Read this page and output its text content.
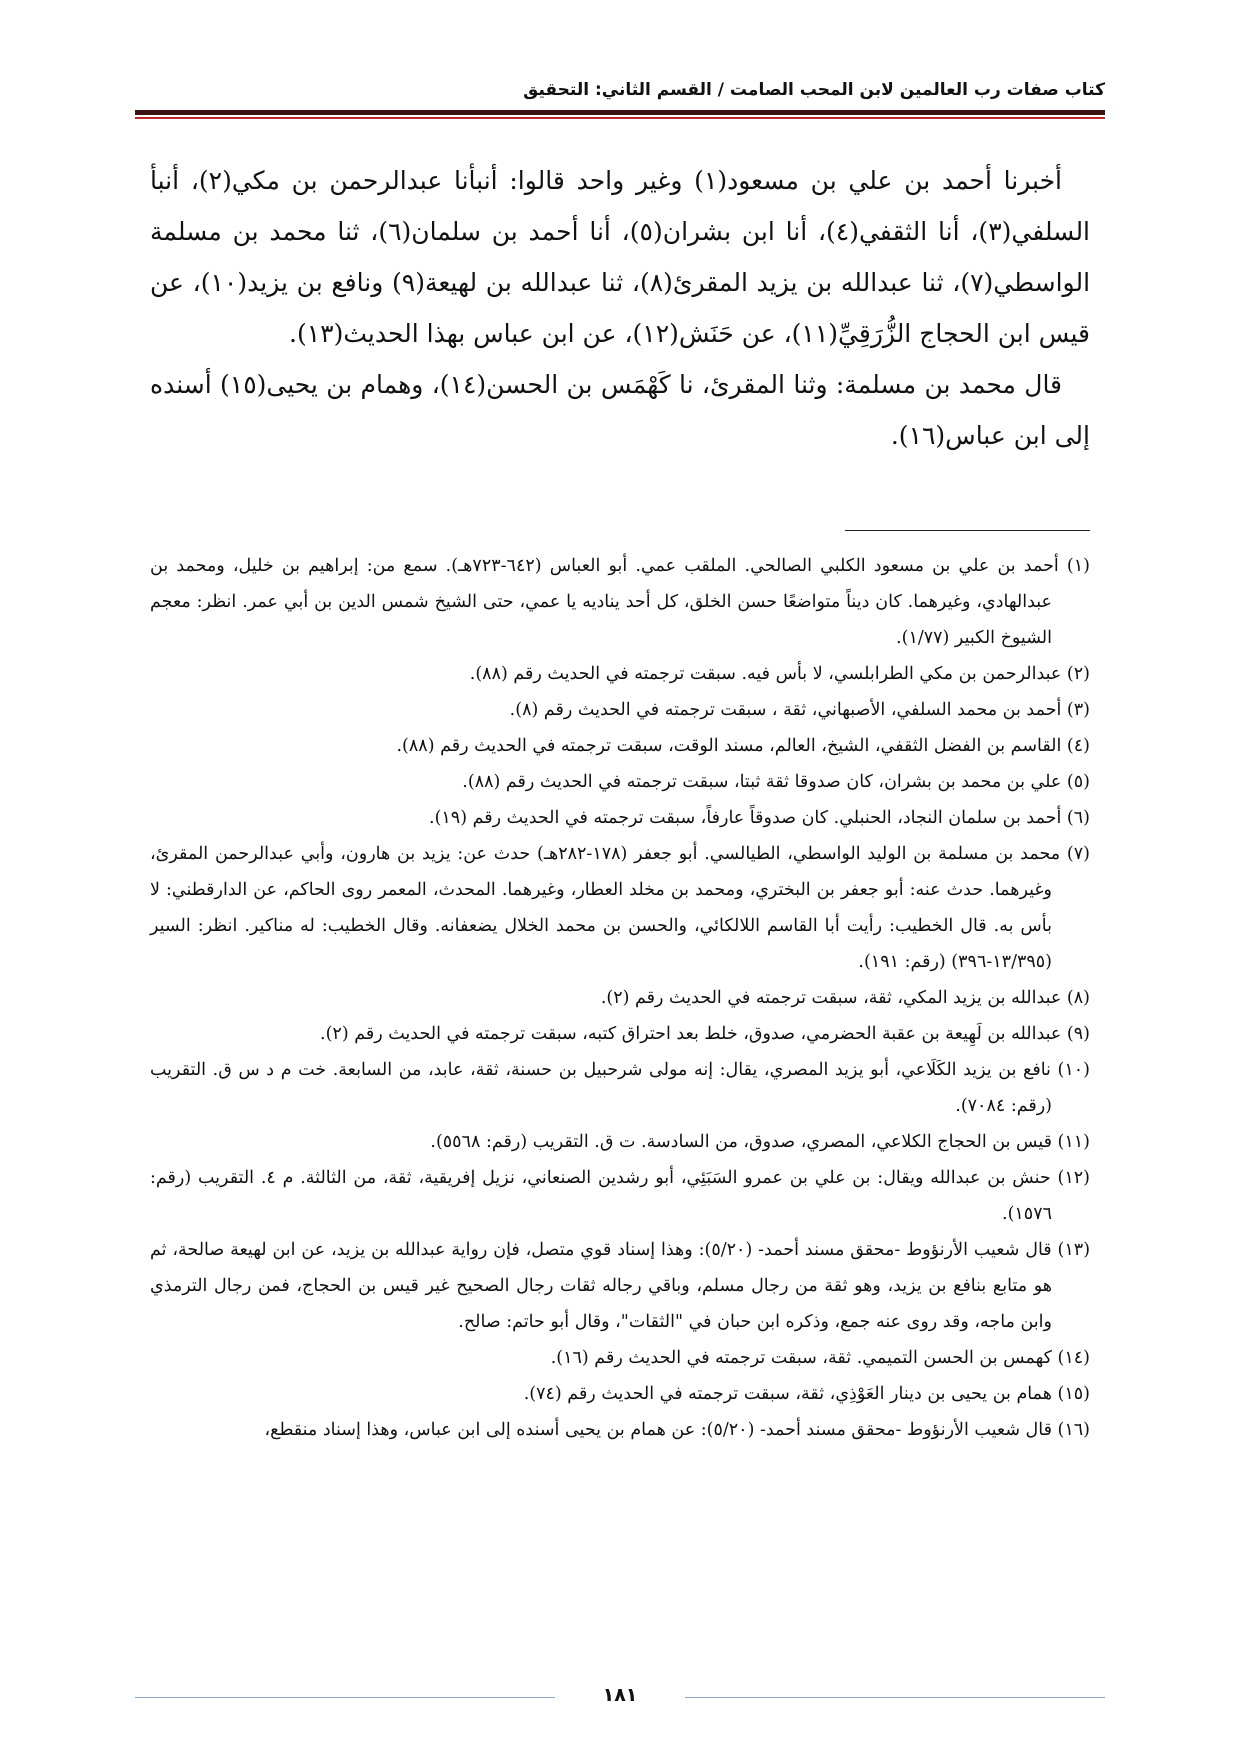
كتاب صفات رب العالمين لابن المحب الصامت / القسم الثاني: التحقيق

أخبرنا أحمد بن علي بن مسعود(١) وغير واحد قالوا: أنبأنا عبدالرحمن بن مكي(٢)، أنبأ السلفي(٣)، أنا الثقفي(٤)، أنا ابن بشران(٥)، أنا أحمد بن سلمان(٦)، ثنا محمد بن مسلمة الواسطي(٧)، ثنا عبدالله بن يزيد المقرئ(٨)، ثنا عبدالله بن لهيعة(٩) ونافع بن يزيد(١٠)، عن قيس ابن الحجاج الزُّرَقِيِّ(١١)، عن حَنَش(١٢)، عن ابن عباس بهذا الحديث(١٣).

قال محمد بن مسلمة: وثنا المقرئ، نا كَهْمَس بن الحسن(١٤)، وهمام بن يحيى(١٥) أسنده إلى ابن عباس(١٦).

(١) أحمد بن علي بن مسعود الكلبي الصالحي. الملقب عمي. أبو العباس (٦٤٢-٧٢٣هـ). سمع من: إبراهيم بن خليل، ومحمد بن عبدالهادي، وغيرهما. كان ديناً متواضعًا حسن الخلق، كل أحد يناديه يا عمي، حتى الشيخ شمس الدين بن أبي عمر. انظر: معجم الشيوخ الكبير (١/٧٧).

(٢) عبدالرحمن بن مكي الطرابلسي، لا بأس فيه. سبقت ترجمته في الحديث رقم (٨٨).

(٣) أحمد بن محمد السلفي، الأصبهاني، ثقة ، سبقت ترجمته في الحديث رقم (٨).

(٤) القاسم بن الفضل الثقفي، الشيخ، العالم، مسند الوقت، سبقت ترجمته في الحديث رقم (٨٨).

(٥) علي بن محمد بن بشران، كان صدوقا ثقة ثبتا، سبقت ترجمته في الحديث رقم (٨٨).

(٦) أحمد بن سلمان النجاد، الحنبلي. كان صدوقاً عارفاً، سبقت ترجمته في الحديث رقم (١٩).

(٧) محمد بن مسلمة بن الوليد الواسطي، الطيالسي. أبو جعفر (١٧٨-٢٨٢هـ) حدث عن: يزيد بن هارون، وأبي عبدالرحمن المقرئ، وغيرهما. حدث عنه: أبو جعفر بن البختري، ومحمد بن مخلد العطار، وغيرهما. المحدث، المعمر روى الحاكم، عن الدارقطني: لا بأس به. قال الخطيب: رأيت أبا القاسم اللالكائي، والحسن بن محمد الخلال يضعفانه. وقال الخطيب: له مناكير. انظر: السير (١٣/٣٩٥-٣٩٦) (رقم: ١٩١).

(٨) عبدالله بن يزيد المكي، ثقة، سبقت ترجمته في الحديث رقم (٢).

(٩) عبدالله بن لَهِيعة بن عقبة الحضرمي، صدوق، خلط بعد احتراق كتبه، سبقت ترجمته في الحديث رقم (٢).

(١٠) نافع بن يزيد الكَلَاعي، أبو يزيد المصري، يقال: إنه مولى شرحبيل بن حسنة، ثقة، عابد، من السابعة. خت م د س ق. التقريب (رقم: ٧٠٨٤).

(١١) قيس بن الحجاج الكلاعي، المصري، صدوق، من السادسة. ت ق. التقريب (رقم: ٥٥٦٨).

(١٢) حنش بن عبدالله ويقال: بن علي بن عمرو السَبَئِي، أبو رشدين الصنعاني، نزيل إفريقية، ثقة، من الثالثة. م ٤. التقريب (رقم: ١٥٧٦).

(١٣) قال شعيب الأرنؤوط -محقق مسند أحمد- (٥/٢٠): وهذا إسناد قوي متصل، فإن رواية عبدالله بن يزيد، عن ابن لهيعة صالحة، ثم هو متابع بنافع بن يزيد، وهو ثقة من رجال مسلم، وباقي رجاله ثقات رجال الصحيح غير قيس بن الحجاج، فمن رجال الترمذي وابن ماجه، وقد روى عنه جمع، وذكره ابن حبان في "الثقات"، وقال أبو حاتم: صالح.

(١٤) كهمس بن الحسن التميمي. ثقة، سبقت ترجمته في الحديث رقم (١٦).

(١٥) همام بن يحيى بن دينار العَوْذِي، ثقة، سبقت ترجمته في الحديث رقم (٧٤).

(١٦) قال شعيب الأرنؤوط -محقق مسند أحمد- (٥/٢٠): عن همام بن يحيى أسنده إلى ابن عباس، وهذا إسناد منقطع،

١٨١
